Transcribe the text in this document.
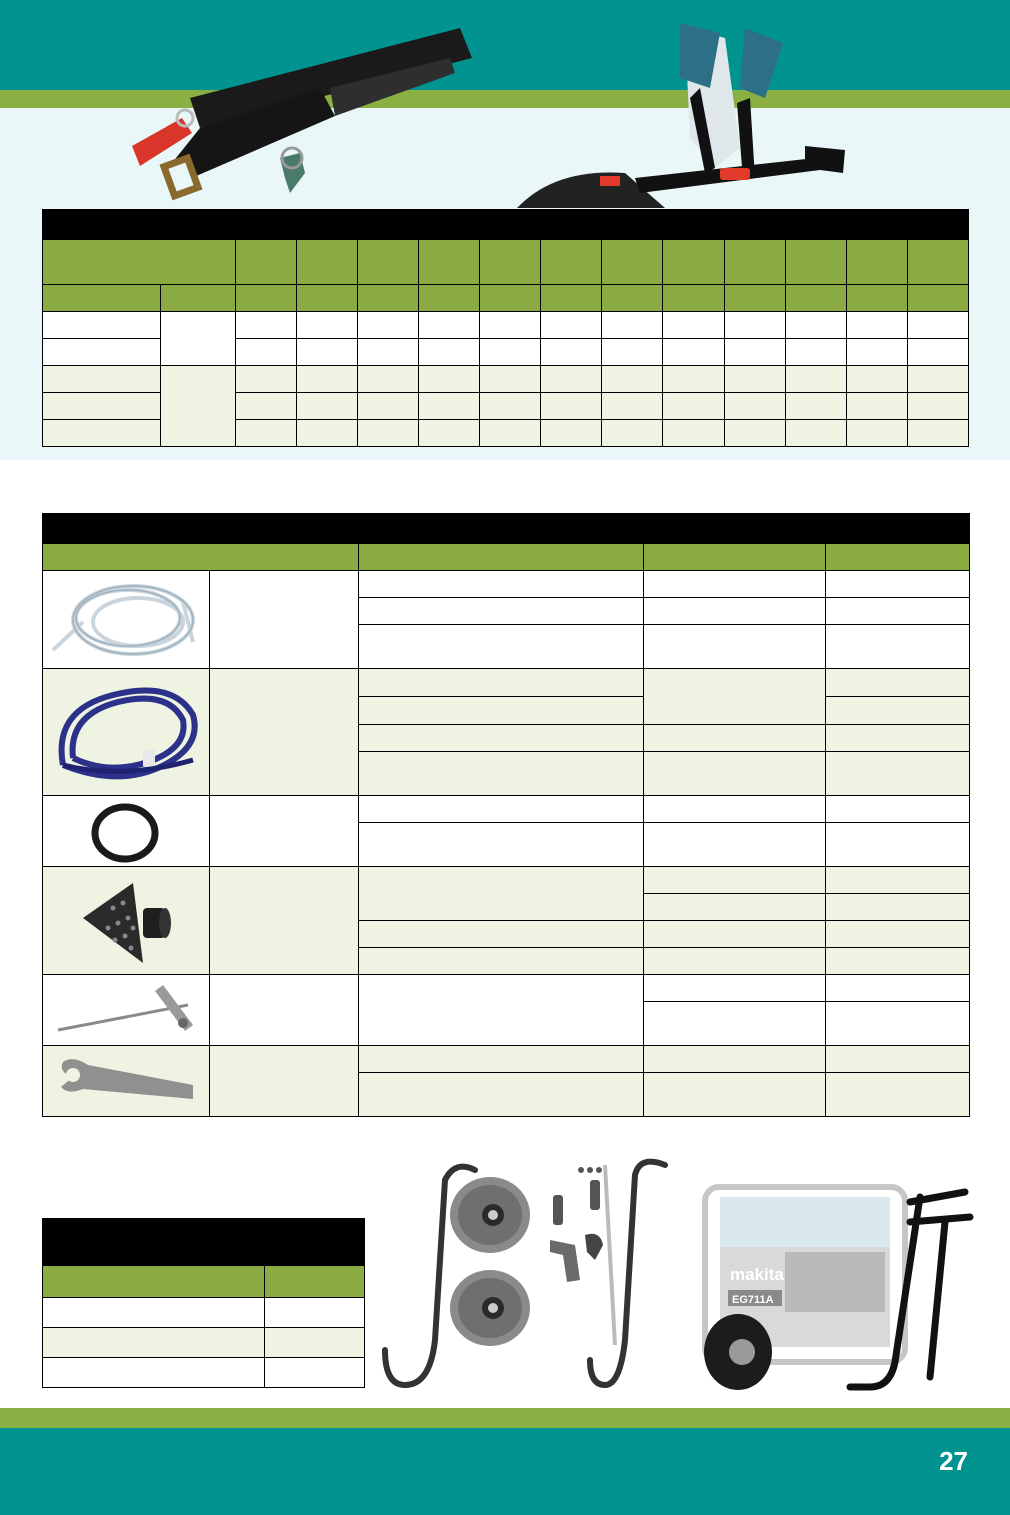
27

makita
EG711A
